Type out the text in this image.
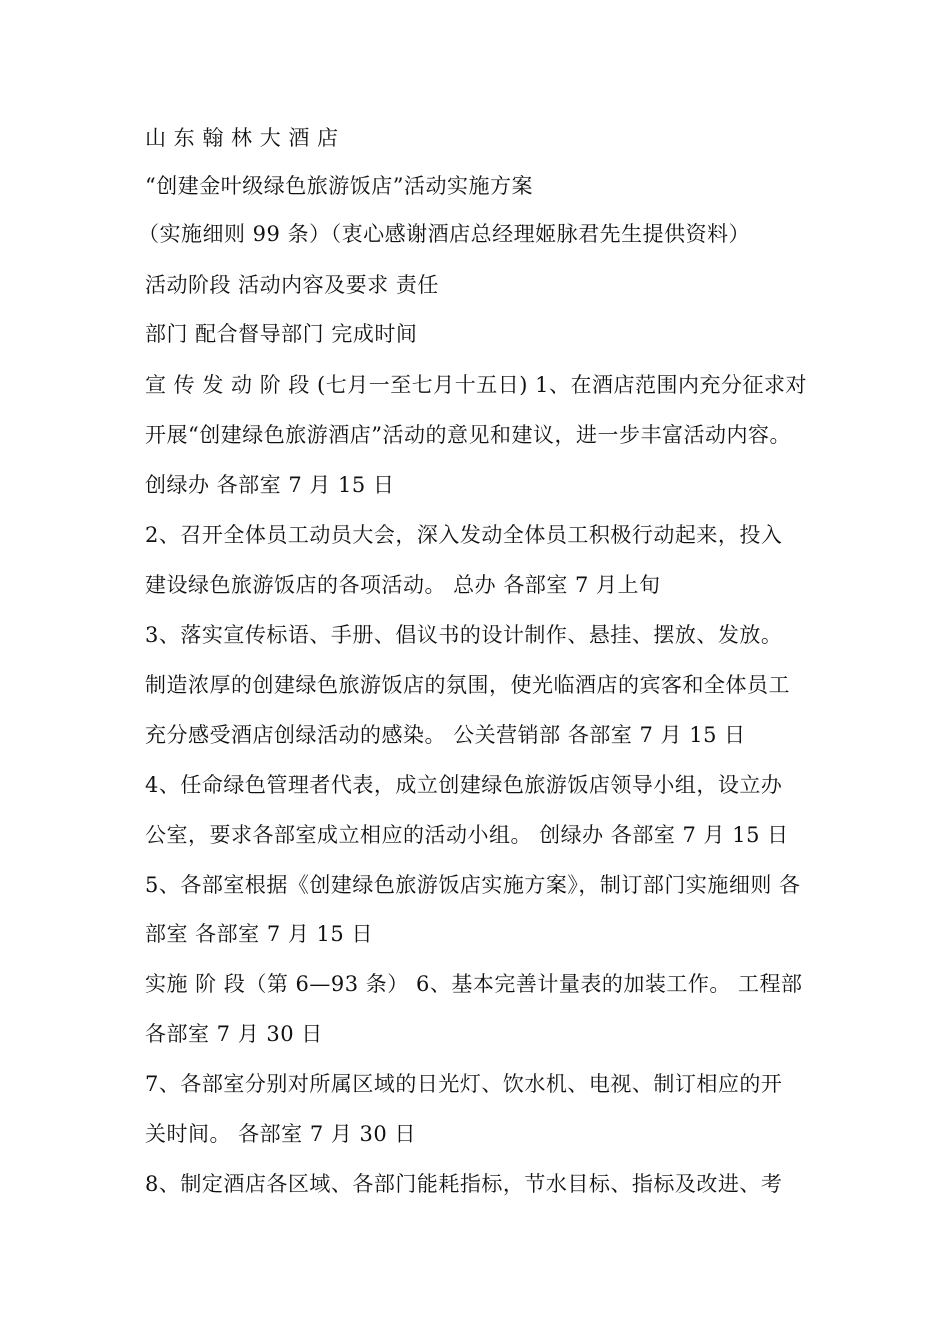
山 东 翰 林 大 酒 店
“创建金叶级绿色旅游饭店”活动实施方案
（实施细则 99 条）（衷心感谢酒店总经理姬脉君先生提供资料）
活动阶段 活动内容及要求 责任
部门 配合督导部门 完成时间
宣 传 发 动 阶 段 (七月一至七月十五日) 1、在酒店范围内充分征求对
开展“创建绿色旅游酒店”活动的意见和建议，进一步丰富活动内容。
创绿办 各部室 7 月 15 日
2、召开全体员工动员大会，深入发动全体员工积极行动起来，投入
建设绿色旅游饭店的各项活动。 总办 各部室 7 月上旬
3、落实宣传标语、手册、倡议书的设计制作、悬挂、摆放、发放。
制造浓厚的创建绿色旅游饭店的氛围，使光临酒店的宾客和全体员工
充分感受酒店创绿活动的感染。 公关营销部 各部室 7 月 15 日
4、任命绿色管理者代表，成立创建绿色旅游饭店领导小组，设立办
公室，要求各部室成立相应的活动小组。 创绿办 各部室 7 月 15 日
5、各部室根据《创建绿色旅游饭店实施方案》，制订部门实施细则 各
部室 各部室 7 月 15 日
实施 阶 段（第 6—93 条） 6、基本完善计量表的加装工作。 工程部
各部室 7 月 30 日
7、各部室分别对所属区域的日光灯、饮水机、电视、制订相应的开
关时间。 各部室 7 月 30 日
8、制定酒店各区域、各部门能耗指标，节水目标、指标及改进、考
